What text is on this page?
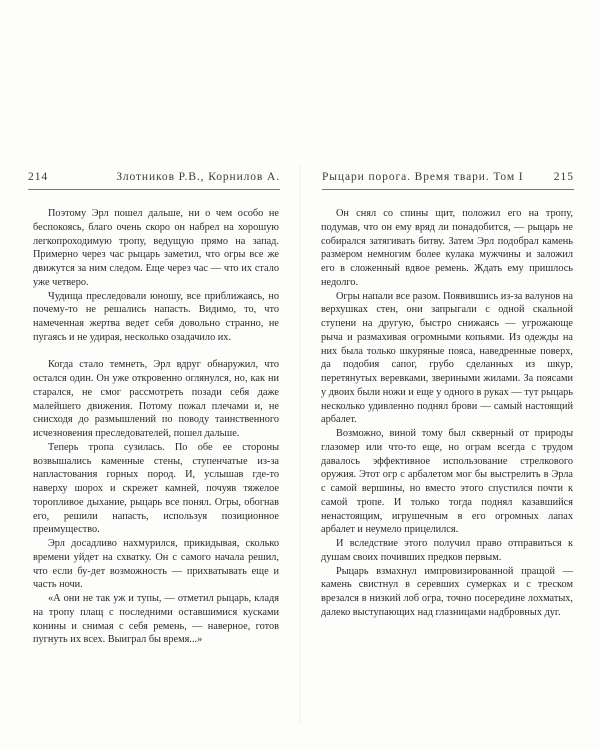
214	Злотников Р.В., Корнилов А.	Рыцари порога. Время твари. Том I	215

Поэтому Эрл пошел дальше, ни о чем особо не беспокоясь, благо очень скоро он набрел на хорошую легкопроходимую тропу, ведущую прямо на запад. Примерно через час рыцарь заметил, что огры все же движутся за ним следом. Еще через час — что их стало уже четверо.

Чудища преследовали юношу, все приближаясь, но почему-то не решались напасть. Видимо, то, что намеченная жертва ведет себя довольно странно, не пугаясь и не удирая, несколько озадачило их.

Когда стало темнеть, Эрл вдруг обнаружил, что остался один. Он уже откровенно оглянулся, но, как ни старался, не смог рассмотреть позади себя даже малейшего движения. Потому пожал плечами и, не снисходя до размышлений по поводу таинственного исчезновения преследователей, пошел дальше.

Теперь тропа сузилась. По обе ее стороны возвышались каменные стены, ступенчатые из-за напластования горных пород. И, услышав где-то наверху шорох и скрежет камней, почуяв тяжелое торопливое дыхание, рыцарь все понял. Огры, обогнав его, решили напасть, используя позиционное преимущество.

Эрл досадливо нахмурился, прикидывая, сколько времени уйдет на схватку. Он с самого начала решил, что если бу-дет возможность — прихватывать еще и часть ночи.

«А они не так уж и тупы, — отметил рыцарь, кладя на тропу плащ с последними оставшимися кусками конины и снимая с себя ремень, — наверное, готов пугнуть их всех. Выиграл бы время...»

Он снял со спины щит, положил его на тропу, подумав, что он ему вряд ли понадобится, — рыцарь не собирался затягивать битву. Затем Эрл подобрал камень размером немногим более кулака мужчины и заложил его в сложенный вдвое ремень. Ждать ему пришлось недолго.

Огры напали все разом. Появившись из-за валунов на верхушках стен, они запрыгали с одной скальной ступени на другую, быстро снижаясь — угрожающе рыча и размахивая огромными копьями. Из одежды на них была только шкуряные пояса, наведренные поверх, да подобия сапог, грубо сделанных из шкур, перетянутых веревками, звериными жилами. За поясами у двоих были ножи и еще у одного в руках — тут рыцарь несколько удивленно поднял брови — самый настоящий арбалет.

Возможно, виной тому был скверный от природы глазомер или что-то еще, но ограм всегда с трудом давалось эффективное использование стрелкового оружия. Этот огр с арбалетом мог бы выстрелить в Эрла с самой вершины, но вместо этого спустился почти к самой тропе. И только тогда поднял казавшийся ненастоящим, игрушечным в его огромных лапах арбалет и неумело прицелился.

И вследствие этого получил право отправиться к душам своих почивших предков первым.

Рыцарь взмахнул импровизированной пращой — камень свистнул в серевших сумерках и с треском врезался в низкий лоб огра, точно посередине лохматых, далеко выступающих над глазницами надбровных дуг.
